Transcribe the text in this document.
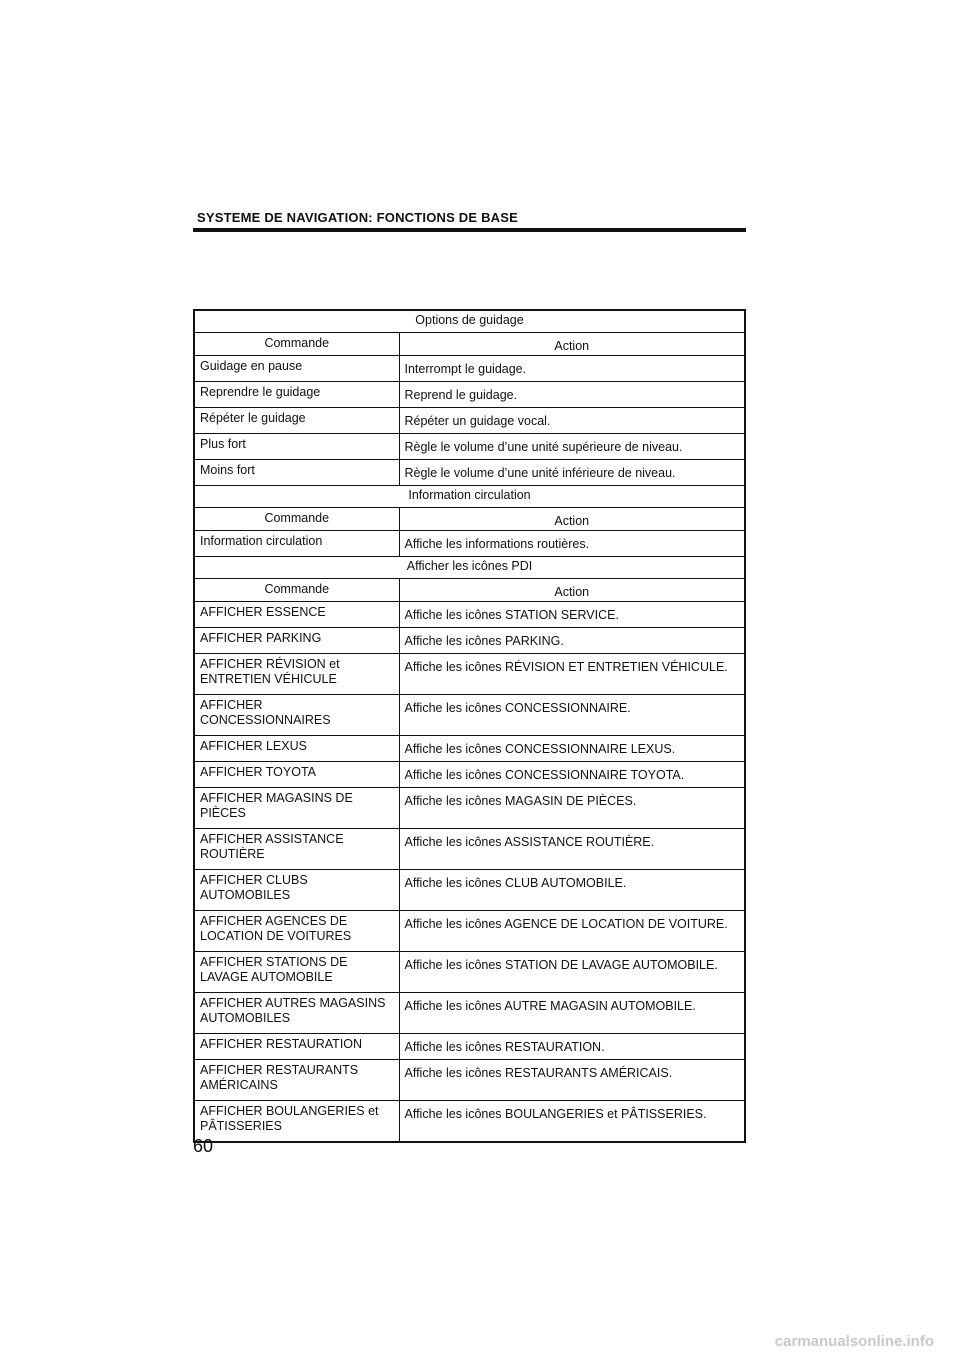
SYSTEME DE NAVIGATION: FONCTIONS DE BASE
Options de guidage	
Commande	Action
Guidage en pause	Interrompt le guidage.
Reprendre le guidage	Reprend le guidage.
Répéter le guidage	Répéter un guidage vocal.
Plus fort	Règle le volume d’une unité supérieure de niveau.
Moins fort	Règle le volume d’une unité inférieure de niveau.
Information circulation	
Commande	Action
Information circulation	Affiche les informations routières.
Afficher les icônes PDI	
Commande	Action
AFFICHER ESSENCE	Affiche les icônes STATION SERVICE.
AFFICHER PARKING	Affiche les icônes PARKING.
AFFICHER RÉVISION et ENTRETIEN VÉHICULE	Affiche les icônes RÉVISION ET ENTRETIEN VÉHICULE.
AFFICHER CONCESSIONNAIRES	Affiche les icônes CONCESSIONNAIRE.
AFFICHER LEXUS	Affiche les icônes CONCESSIONNAIRE LEXUS.
AFFICHER TOYOTA	Affiche les icônes CONCESSIONNAIRE TOYOTA.
AFFICHER MAGASINS DE PIÈCES	Affiche les icônes MAGASIN DE PIÈCES.
AFFICHER ASSISTANCE ROUTIÈRE	Affiche les icônes ASSISTANCE ROUTIÈRE.
AFFICHER CLUBS AUTOMOBILES	Affiche les icônes CLUB AUTOMOBILE.
AFFICHER AGENCES DE LOCATION DE VOITURES	Affiche les icônes AGENCE DE LOCATION DE VOITURE.
AFFICHER STATIONS DE LAVAGE AUTOMOBILE	Affiche les icônes STATION DE LAVAGE AUTOMOBILE.
AFFICHER AUTRES MAGASINS AUTOMOBILES	Affiche les icônes AUTRE MAGASIN AUTOMOBILE.
AFFICHER RESTAURATION	Affiche les icônes RESTAURATION.
AFFICHER RESTAURANTS AMÉRICAINS	Affiche les icônes RESTAURANTS AMÉRICAIS.
AFFICHER BOULANGERIES et PÂTISSERIES	Affiche les icônes BOULANGERIES et PÂTISSERIES.
60
carmanualsonline.info
